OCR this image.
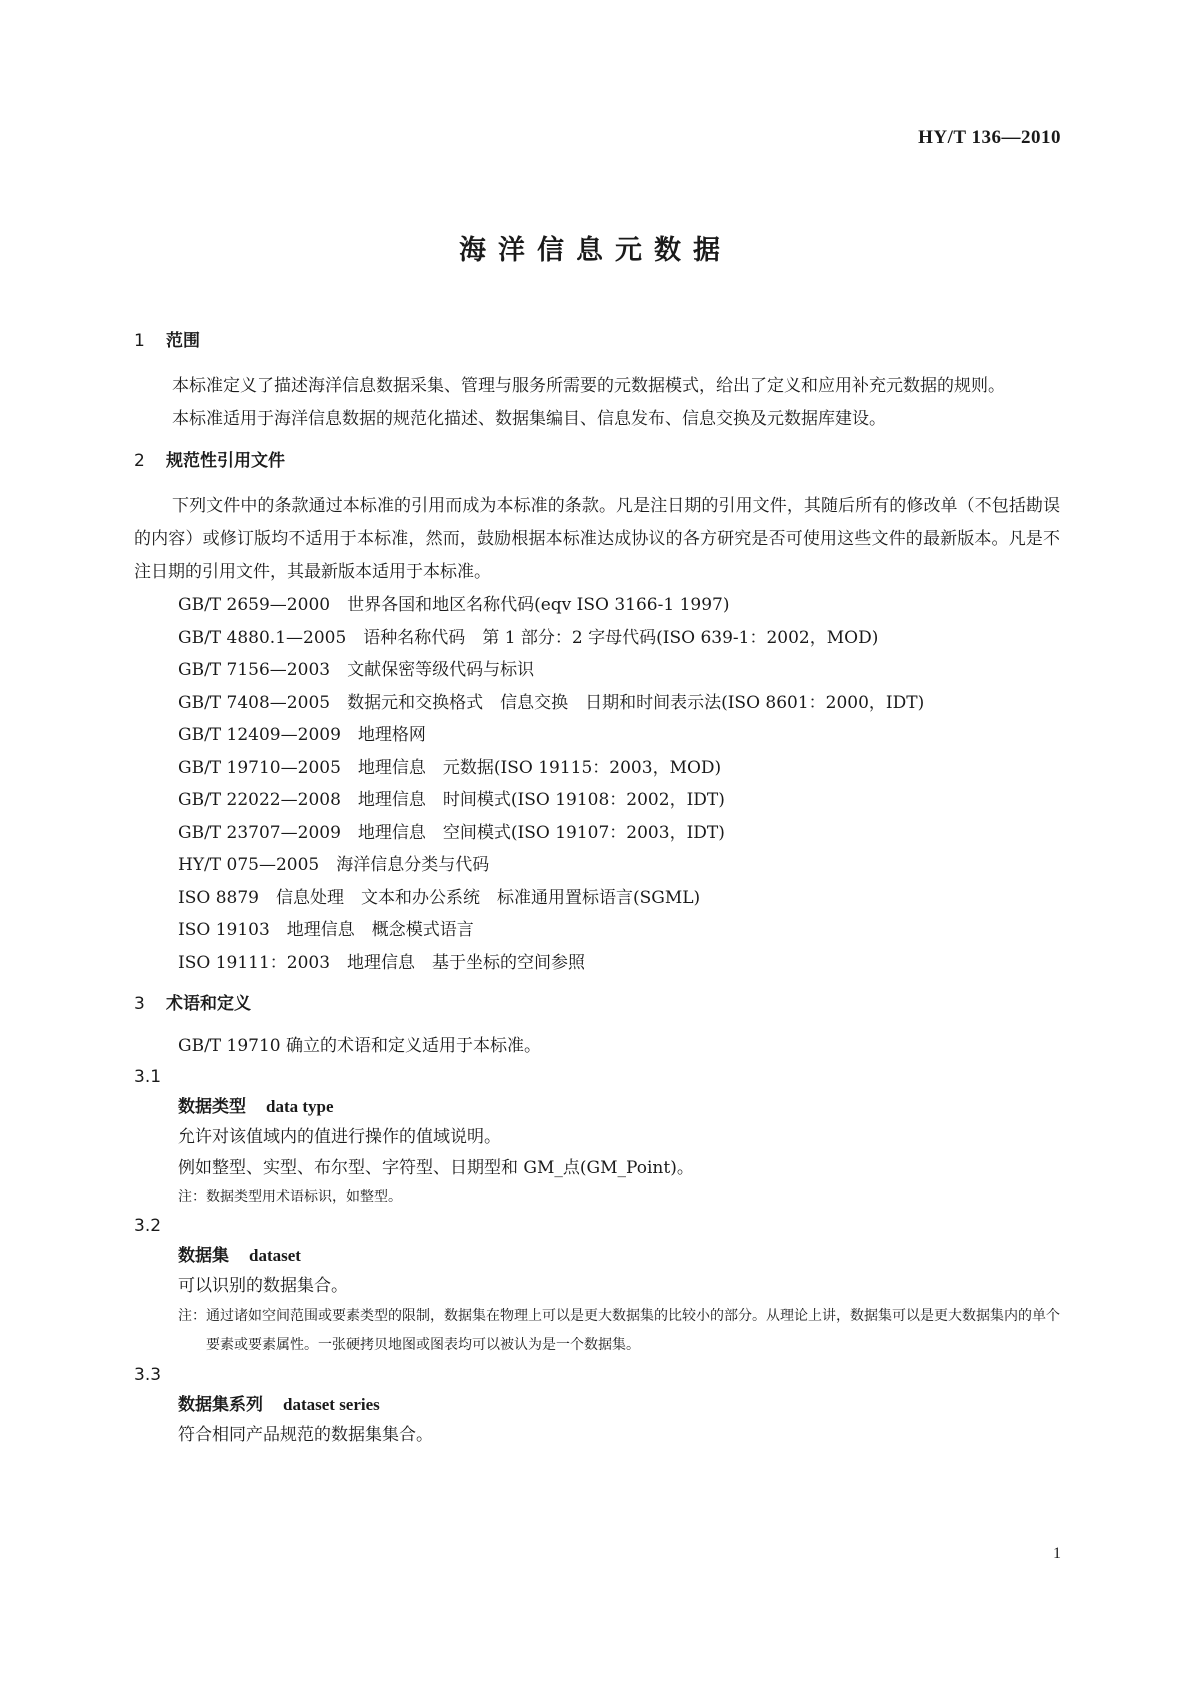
HY/T 136—2010
海洋信息元数据
1 范围

本标准定义了描述海洋信息数据采集、管理与服务所需要的元数据模式，给出了定义和应用补充元数据的规则。

本标准适用于海洋信息数据的规范化描述、数据集编目、信息发布、信息交换及元数据库建设。

2 规范性引用文件

下列文件中的条款通过本标准的引用而成为本标准的条款。凡是注日期的引用文件，其随后所有的修改单（不包括勘误的内容）或修订版均不适用于本标准，然而，鼓励根据本标准达成协议的各方研究是否可使用这些文件的最新版本。凡是不注日期的引用文件，其最新版本适用于本标准。

GB/T 2659—2000　世界各国和地区名称代码(eqv ISO 3166-1 1997)

GB/T 4880.1—2005　语种名称代码　第 1 部分：2 字母代码(ISO 639-1：2002，MOD)

GB/T 7156—2003　文献保密等级代码与标识

GB/T 7408—2005　数据元和交换格式　信息交换　日期和时间表示法(ISO 8601：2000，IDT)

GB/T 12409—2009　地理格网

GB/T 19710—2005　地理信息　元数据(ISO 19115：2003，MOD)

GB/T 22022—2008　地理信息　时间模式(ISO 19108：2002，IDT)

GB/T 23707—2009　地理信息　空间模式(ISO 19107：2003，IDT)

HY/T 075—2005　海洋信息分类与代码

ISO 8879　信息处理　文本和办公系统　标准通用置标语言(SGML)

ISO 19103　地理信息　概念模式语言

ISO 19111：2003　地理信息　基于坐标的空间参照

3 术语和定义

GB/T 19710 确立的术语和定义适用于本标准。

3.1

数据类型 data type

允许对该值域内的值进行操作的值域说明。

例如整型、实型、布尔型、字符型、日期型和 GM_点(GM_Point)。

注：数据类型用术语标识，如整型。

3.2

数据集 dataset

可以识别的数据集合。

注：通过诸如空间范围或要素类型的限制，数据集在物理上可以是更大数据集的比较小的部分。从理论上讲，数据集可以是更大数据集内的单个要素或要素属性。一张硬拷贝地图或图表均可以被认为是一个数据集。

3.3

数据集系列 dataset series

符合相同产品规范的数据集集合。

1
